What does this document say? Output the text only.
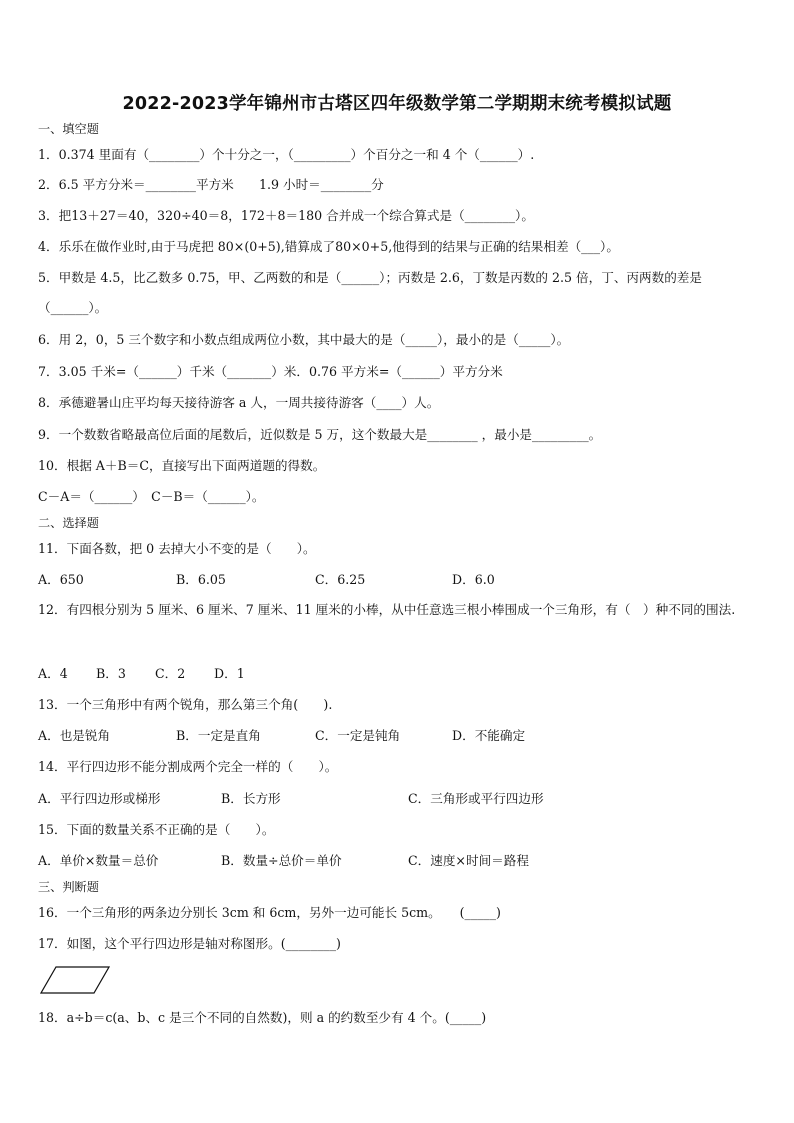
2022-2023学年锦州市古塔区四年级数学第二学期期末统考模拟试题
一、填空题
1．0.374 里面有（________）个十分之一，（_________）个百分之一和 4 个（______）.
2．6.5 平方分米＝________平方米　　1.9 小时＝________分
3．把13＋27＝40，320÷40＝8，172＋8＝180 合并成一个综合算式是（________）。
4．乐乐在做作业时,由于马虎把 80×(0+5),错算成了80×0+5,他得到的结果与正确的结果相差（___）。
5．甲数是 4.5，比乙数多 0.75，甲、乙两数的和是（______）；丙数是 2.6，丁数是丙数的 2.5 倍，丁、丙两数的差是（______）。
6．用 2，0，5 三个数字和小数点组成两位小数，其中最大的是（_____），最小的是（_____）。
7．3.05 千米=（______）千米（_______）米．0.76 平方米=（______）平方分米
8．承德避暑山庄平均每天接待游客 a 人，一周共接待游客（____）人。
9．一个数数省略最高位后面的尾数后，近似数是 5 万，这个数最大是________ ，最小是_________。
10．根据 A＋B＝C，直接写出下面两道题的得数。
C－A＝（______）　C－B＝（______）。
二、选择题
11．下面各数，把 0 去掉大小不变的是（　　）。
A．650	B．6.05	C．6.25	D．6.0
12．有四根分别为 5 厘米、6 厘米、7 厘米、11 厘米的小棒，从中任意选三根小棒围成一个三角形，有（　）种不同的围法.
A．4 B．3 C．2 D．1
13．一个三角形中有两个锐角，那么第三个角(　　).
A．也是锐角	B．一定是直角	C．一定是钝角	D．不能确定
14．平行四边形不能分割成两个完全一样的（　　）。
A．平行四边形或梯形	B．长方形	C．三角形或平行四边形
15．下面的数量关系不正确的是（　　）。
A．单价×数量＝总价	B．数量÷总价＝单价	C．速度×时间＝路程
三、判断题
16．一个三角形的两条边分别长 3cm 和 6cm，另外一边可能长 5cm。　　(_____)
17．如图，这个平行四边形是轴对称图形。(________)
18．a÷b＝c(a、b、c 是三个不同的自然数)，则 a 的约数至少有 4 个。(_____)
